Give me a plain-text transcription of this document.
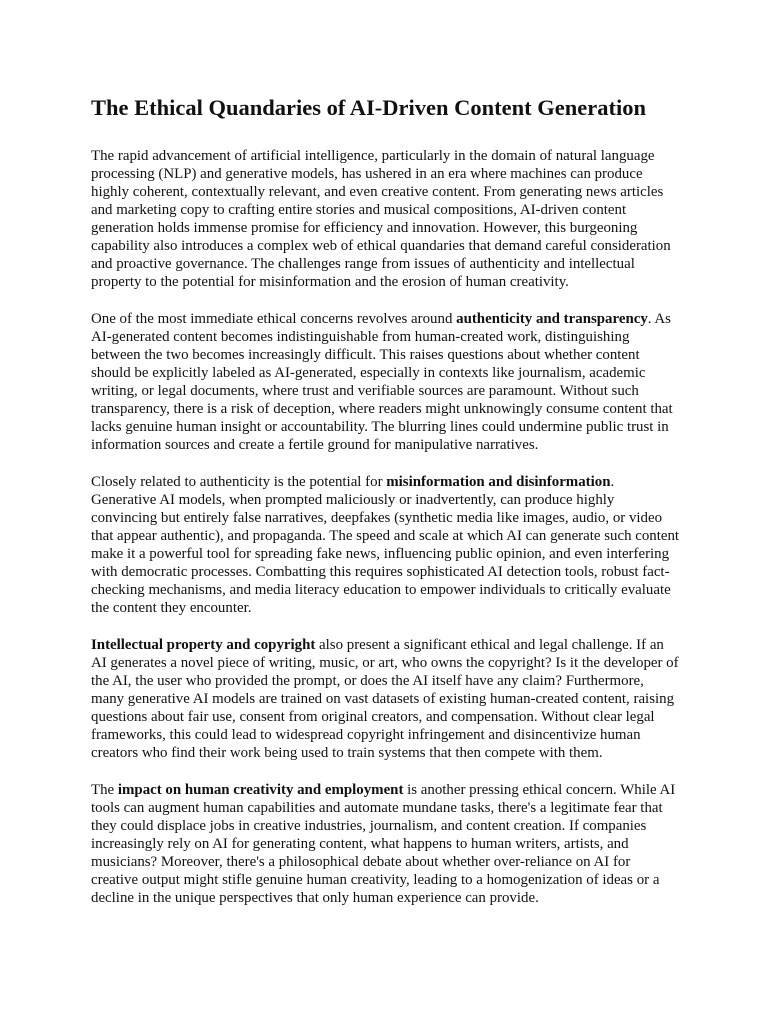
The Ethical Quandaries of AI-Driven Content Generation

The rapid advancement of artificial intelligence, particularly in the domain of natural language processing (NLP) and generative models, has ushered in an era where machines can produce highly coherent, contextually relevant, and even creative content. From generating news articles and marketing copy to crafting entire stories and musical compositions, AI-driven content generation holds immense promise for efficiency and innovation. However, this burgeoning capability also introduces a complex web of ethical quandaries that demand careful consideration and proactive governance. The challenges range from issues of authenticity and intellectual property to the potential for misinformation and the erosion of human creativity.

One of the most immediate ethical concerns revolves around authenticity and transparency. As AI-generated content becomes indistinguishable from human-created work, distinguishing between the two becomes increasingly difficult. This raises questions about whether content should be explicitly labeled as AI-generated, especially in contexts like journalism, academic writing, or legal documents, where trust and verifiable sources are paramount. Without such transparency, there is a risk of deception, where readers might unknowingly consume content that lacks genuine human insight or accountability. The blurring lines could undermine public trust in information sources and create a fertile ground for manipulative narratives.

Closely related to authenticity is the potential for misinformation and disinformation. Generative AI models, when prompted maliciously or inadvertently, can produce highly convincing but entirely false narratives, deepfakes (synthetic media like images, audio, or video that appear authentic), and propaganda. The speed and scale at which AI can generate such content make it a powerful tool for spreading fake news, influencing public opinion, and even interfering with democratic processes. Combatting this requires sophisticated AI detection tools, robust fact-checking mechanisms, and media literacy education to empower individuals to critically evaluate the content they encounter.

Intellectual property and copyright also present a significant ethical and legal challenge. If an AI generates a novel piece of writing, music, or art, who owns the copyright? Is it the developer of the AI, the user who provided the prompt, or does the AI itself have any claim? Furthermore, many generative AI models are trained on vast datasets of existing human-created content, raising questions about fair use, consent from original creators, and compensation. Without clear legal frameworks, this could lead to widespread copyright infringement and disincentivize human creators who find their work being used to train systems that then compete with them.

The impact on human creativity and employment is another pressing ethical concern. While AI tools can augment human capabilities and automate mundane tasks, there's a legitimate fear that they could displace jobs in creative industries, journalism, and content creation. If companies increasingly rely on AI for generating content, what happens to human writers, artists, and musicians? Moreover, there's a philosophical debate about whether over-reliance on AI for creative output might stifle genuine human creativity, leading to a homogenization of ideas or a decline in the unique perspectives that only human experience can provide.
